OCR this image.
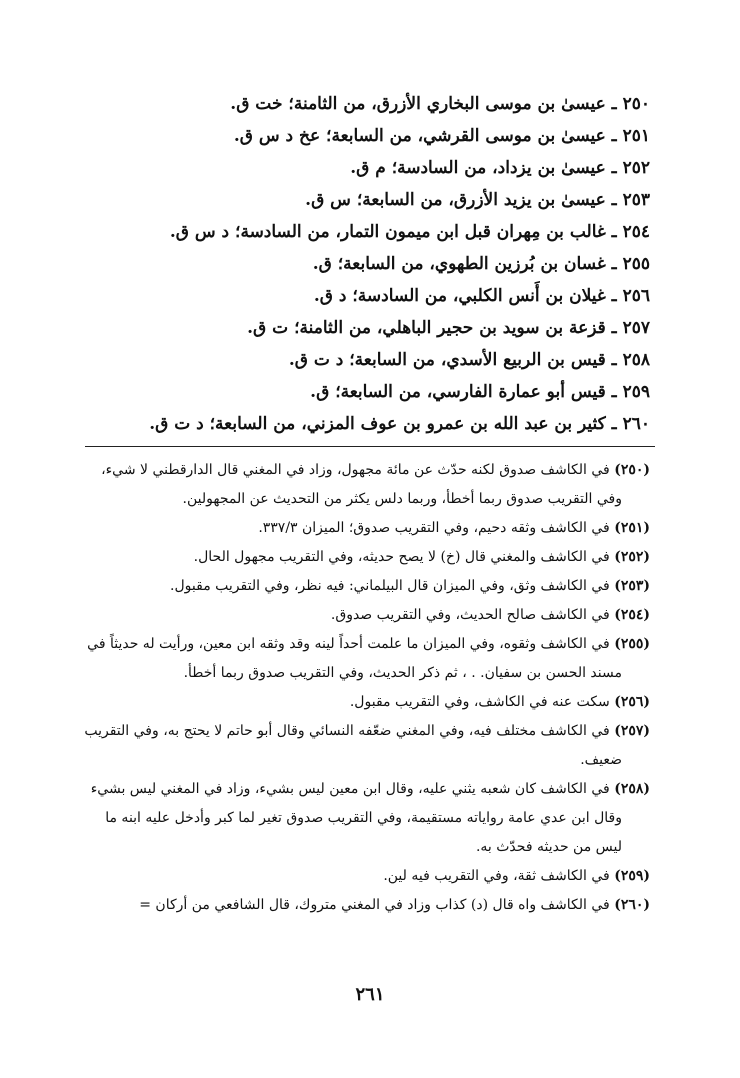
٢٥٠ ـ عيسىٰ بن موسى البخاري الأزرق، من الثامنة؛ خت ق.
٢٥١ ـ عيسىٰ بن موسى القرشي، من السابعة؛ عخ د س ق.
٢٥٢ ـ عيسىٰ بن يزداد، من السادسة؛ م ق.
٢٥٣ ـ عيسىٰ بن يزيد الأزرق، من السابعة؛ س ق.
٢٥٤ ـ غالب بن مِهران قبل ابن ميمون التمار، من السادسة؛ د س ق.
٢٥٥ ـ غسان بن بُرزين الطهوي، من السابعة؛ ق.
٢٥٦ ـ غيلان بن أَنس الكلبي، من السادسة؛ د ق.
٢٥٧ ـ قزعة بن سويد بن حجير الباهلي، من الثامنة؛ ت ق.
٢٥٨ ـ قيس بن الربيع الأسدي، من السابعة؛ د ت ق.
٢٥٩ ـ قيس أبو عمارة الفارسي، من السابعة؛ ق.
٢٦٠ ـ كثير بن عبد الله بن عمرو بن عوف المزني، من السابعة؛ د ت ق.
(٢٥٠) في الكاشف صدوق لكنه حدّث عن مائة مجهول، وزاد في المغني قال الدارقطني لا شيء، وفي التقريب صدوق ربما أخطأ، وربما دلس يكثر من التحديث عن المجهولين.
(٢٥١) في الكاشف وثقه دحيم، وفي التقريب صدوق؛ الميزان ٣٣٧/٣.
(٢٥٢) في الكاشف والمغني قال (خ) لا يصح حديثه، وفي التقريب مجهول الحال.
(٢٥٣) في الكاشف وثق، وفي الميزان قال البيلماني: فيه نظر، وفي التقريب مقبول.
(٢٥٤) في الكاشف صالح الحديث، وفي التقريب صدوق.
(٢٥٥) في الكاشف وثقوه، وفي الميزان ما علمت أحداً لينه وقد وثقه ابن معين، ورأيت له حديثاً في مسند الحسن بن سفيان. . ، ثم ذكر الحديث، وفي التقريب صدوق ربما أخطأ.
(٢٥٦) سكت عنه في الكاشف، وفي التقريب مقبول.
(٢٥٧) في الكاشف مختلف فيه، وفي المغني ضعّفه النسائي وقال أبو حاتم لا يحتج به، وفي التقريب ضعيف.
(٢٥٨) في الكاشف كان شعبه يثني عليه، وقال ابن معين ليس بشيء، وزاد في المغني ليس بشيء وقال ابن عدي عامة رواياته مستقيمة، وفي التقريب صدوق تغير لما كبر وأدخل عليه ابنه ما ليس من حديثه فحدّث به.
(٢٥٩) في الكاشف ثقة، وفي التقريب فيه لين.
(٢٦٠) في الكاشف واه قال (د) كذاب وزاد في المغني متروك، قال الشافعي من أركان =
٢٦١
